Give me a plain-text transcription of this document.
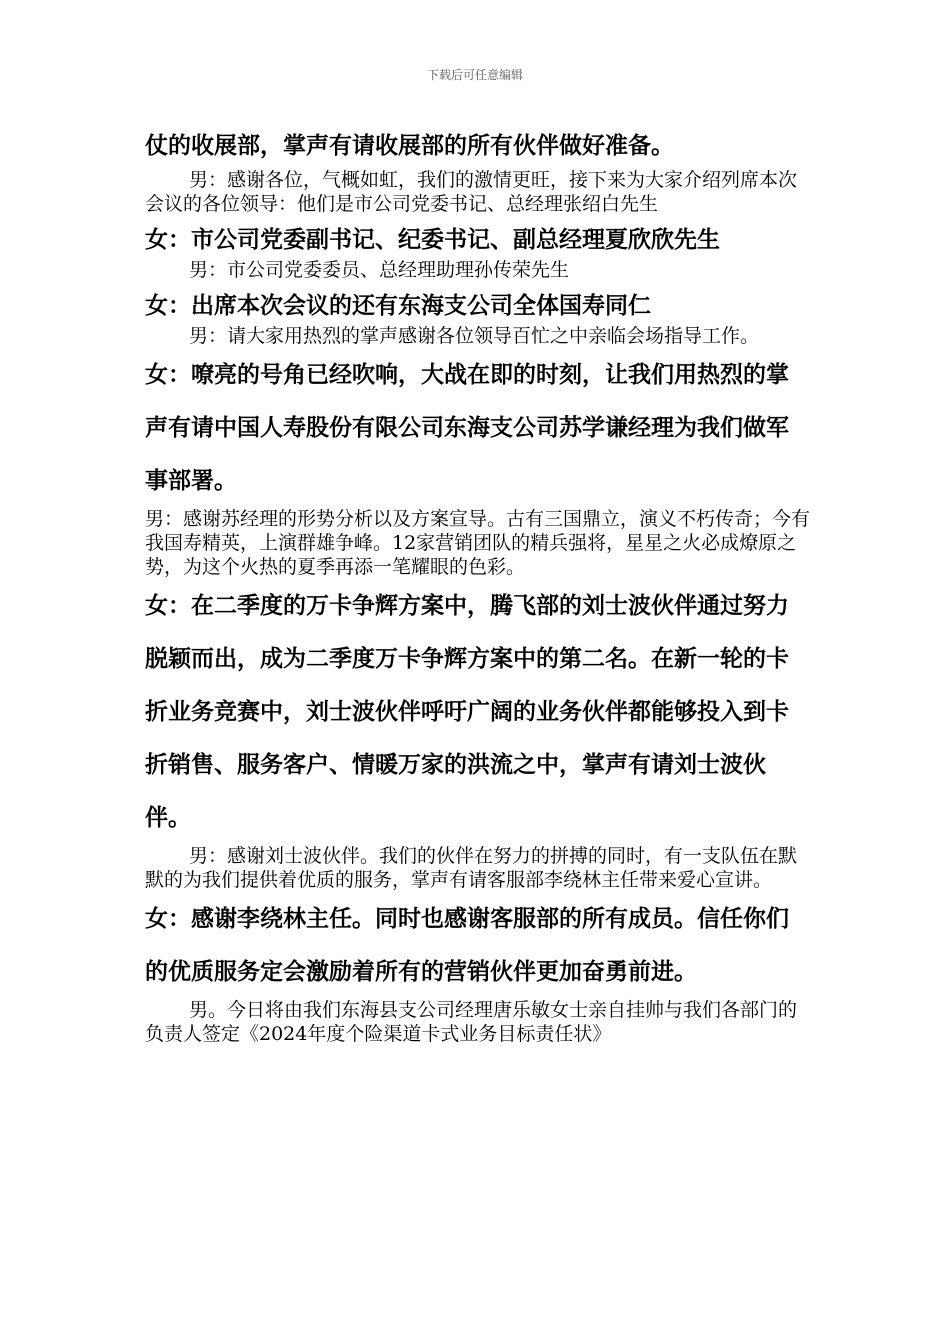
下载后可任意编辑

仗的收展部，掌声有请收展部的所有伙伴做好准备。

男：感谢各位，气概如虹，我们的激情更旺，接下来为大家介绍列席本次会议的各位领导：他们是市公司党委书记、总经理张绍白先生

女：市公司党委副书记、纪委书记、副总经理夏欣欣先生

男：市公司党委委员、总经理助理孙传荣先生

女：出席本次会议的还有东海支公司全体国寿同仁

男：请大家用热烈的掌声感谢各位领导百忙之中亲临会场指导工作。

女：嘹亮的号角已经吹响，大战在即的时刻，让我们用热烈的掌声有请中国人寿股份有限公司东海支公司苏学谦经理为我们做军事部署。

男：感谢苏经理的形势分析以及方案宣导。古有三国鼎立，演义不朽传奇；今有我国寿精英，上演群雄争峰。12家营销团队的精兵强将，星星之火必成燎原之势，为这个火热的夏季再添一笔耀眼的色彩。

女：在二季度的万卡争辉方案中，腾飞部的刘士波伙伴通过努力脱颖而出，成为二季度万卡争辉方案中的第二名。在新一轮的卡折业务竞赛中，刘士波伙伴呼吁广阔的业务伙伴都能够投入到卡折销售、服务客户、情暖万家的洪流之中，掌声有请刘士波伙伴。

男：感谢刘士波伙伴。我们的伙伴在努力的拼搏的同时，有一支队伍在默默的为我们提供着优质的服务，掌声有请客服部李绕林主任带来爱心宣讲。

女：感谢李绕林主任。同时也感谢客服部的所有成员。信任你们的优质服务定会激励着所有的营销伙伴更加奋勇前进。

男。今日将由我们东海县支公司经理唐乐敏女士亲自挂帅与我们各部门的负责人签定《2024年度个险渠道卡式业务目标责任状》
